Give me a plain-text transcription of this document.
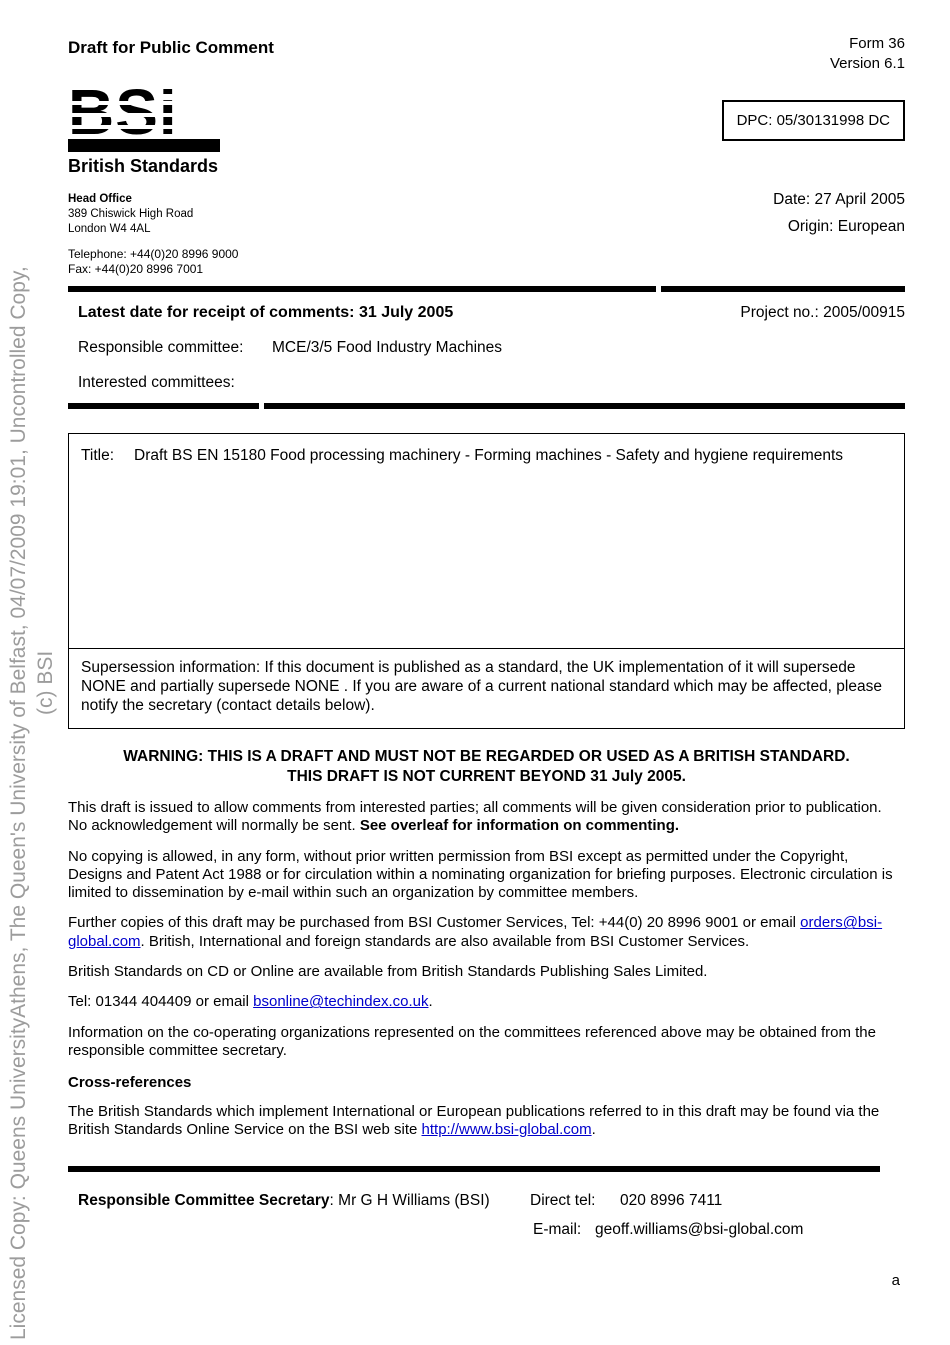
Licensed Copy: Queens UniversityAthens, The Queen's University of Belfast, 04/07/2009 19:01, Uncontrolled Copy, (c) BSI
Draft for Public Comment	Form 36
Version 6.1
DPC: 05/30131998 DC
British Standards
Head Office
389 Chiswick High Road
London W4 4AL
Telephone: +44(0)20 8996 9000
Fax: +44(0)20 8996 7001
Date: 27 April 2005
Origin: European
Latest date for receipt of comments: 31 July 2005	Project no.: 2005/00915
Responsible committee: MCE/3/5 Food Industry Machines
Interested committees:
Title: Draft BS EN 15180 Food processing machinery - Forming machines - Safety and hygiene requirements
Supersession information: If this document is published as a standard, the UK implementation of it will supersede NONE and partially supersede NONE . If you are aware of a current national standard which may be affected, please notify the secretary (contact details below).
WARNING: THIS IS A DRAFT AND MUST NOT BE REGARDED OR USED AS A BRITISH STANDARD.
THIS DRAFT IS NOT CURRENT BEYOND 31 July 2005.
This draft is issued to allow comments from interested parties; all comments will be given consideration prior to publication. No acknowledgement will normally be sent. See overleaf for information on commenting.
No copying is allowed, in any form, without prior written permission from BSI except as permitted under the Copyright, Designs and Patent Act 1988 or for circulation within a nominating organization for briefing purposes. Electronic circulation is limited to dissemination by e-mail within such an organization by committee members.
Further copies of this draft may be purchased from BSI Customer Services, Tel: +44(0) 20 8996 9001 or email orders@bsi-global.com. British, International and foreign standards are also available from BSI Customer Services.
British Standards on CD or Online are available from British Standards Publishing Sales Limited.
Tel: 01344 404409 or email bsonline@techindex.co.uk.
Information on the co-operating organizations represented on the committees referenced above may be obtained from the responsible committee secretary.
Cross-references
The British Standards which implement International or European publications referred to in this draft may be found via the British Standards Online Service on the BSI web site http://www.bsi-global.com.
Responsible Committee Secretary: Mr G H Williams (BSI)	Direct tel: 020 8996 7411
E-mail: geoff.williams@bsi-global.com
a
